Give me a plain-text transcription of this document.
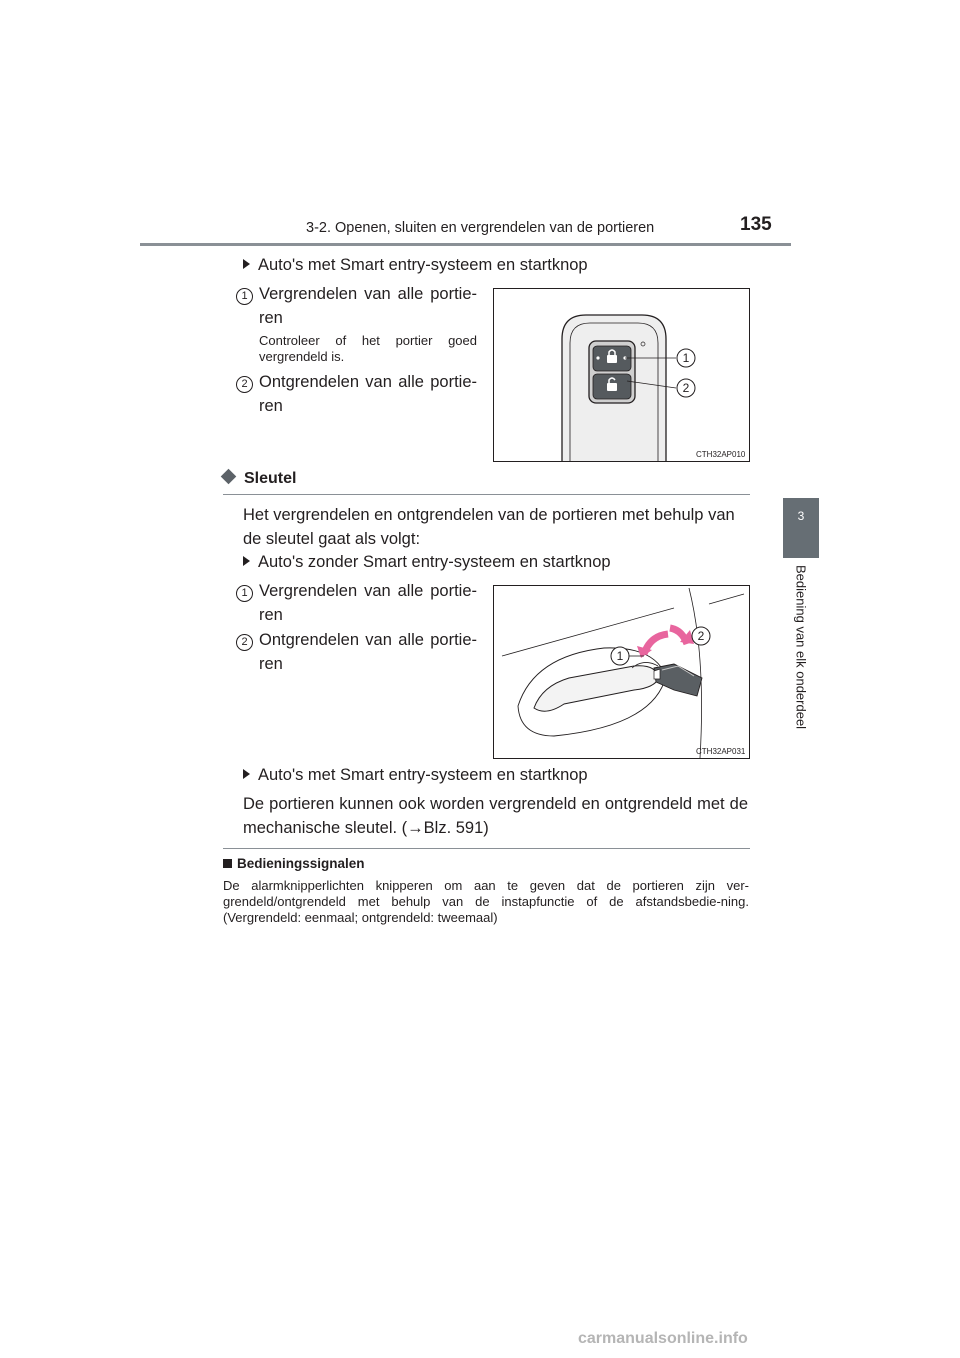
3-2. Openen, sluiten en vergrendelen van de portieren	135
3
Bediening van elk onderdeel
Auto's met Smart entry-systeem en startknop
1 Vergrendelen van alle portie-ren
Controleer of het portier goed vergrendeld is.
2 Ontgrendelen van alle portie-ren
1
2
CTH32AP010
Sleutel
Het vergrendelen en ontgrendelen van de portieren met behulp van de sleutel gaat als volgt:
Auto's zonder Smart entry-systeem en startknop
1 Vergrendelen van alle portie-ren
2 Ontgrendelen van alle portie-ren	1
2
CTH32AP031
Auto's met Smart entry-systeem en startknop
De portieren kunnen ook worden vergrendeld en ontgrendeld met de mechanische sleutel. (→Blz. 591)
Bedieningssignalen
De alarmknipperlichten knipperen om aan te geven dat de portieren zijn ver-grendeld/ontgrendeld met behulp van de instapfunctie of de afstandsbedie-ning. (Vergrendeld: eenmaal; ontgrendeld: tweemaal)
carmanualsonline.info
